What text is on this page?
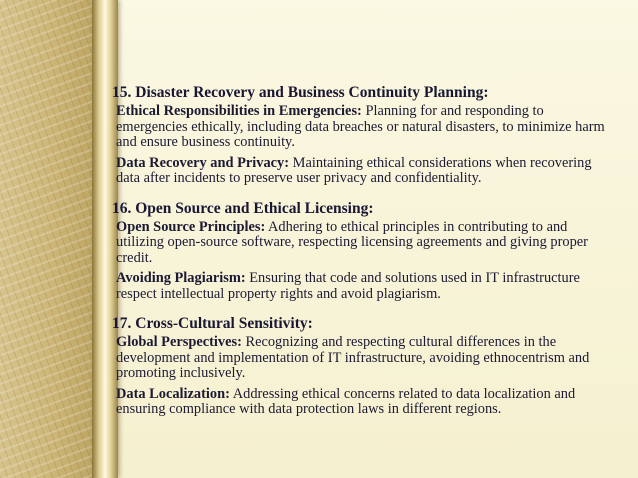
15. Disaster Recovery and Business Continuity Planning:

Ethical Responsibilities in Emergencies: Planning for and responding to emergencies ethically, including data breaches or natural disasters, to minimize harm and ensure business continuity.

Data Recovery and Privacy: Maintaining ethical considerations when recovering data after incidents to preserve user privacy and confidentiality.

16. Open Source and Ethical Licensing:

Open Source Principles: Adhering to ethical principles in contributing to and utilizing open-source software, respecting licensing agreements and giving proper credit.

Avoiding Plagiarism: Ensuring that code and solutions used in IT infrastructure respect intellectual property rights and avoid plagiarism.

17. Cross-Cultural Sensitivity:

Global Perspectives: Recognizing and respecting cultural differences in the development and implementation of IT infrastructure, avoiding ethnocentrism and promoting inclusively.

Data Localization: Addressing ethical concerns related to data localization and ensuring compliance with data protection laws in different regions.
